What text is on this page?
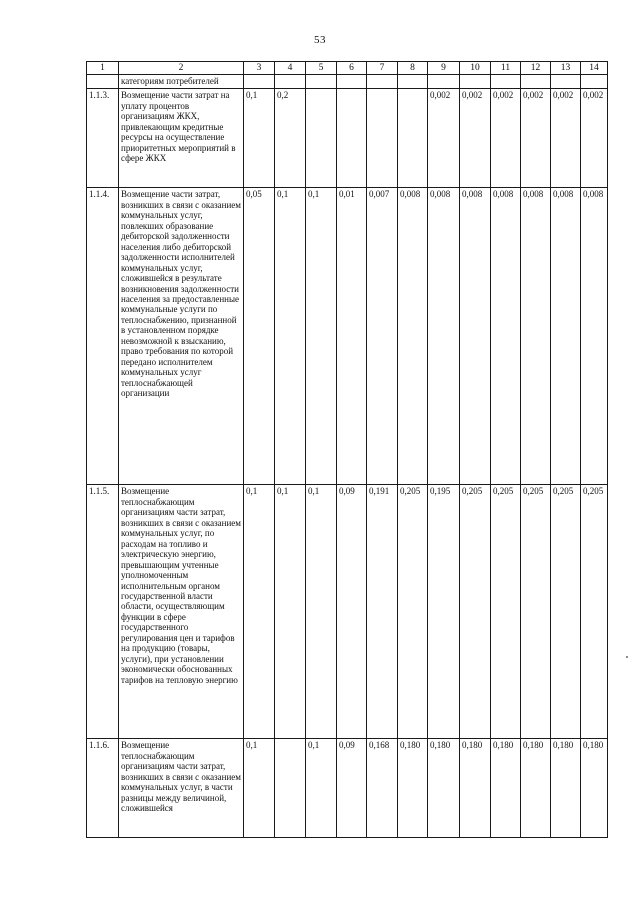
53
1	2	3	4	5	6	7	8	9	10	11	12	13	14
	категориям потребителей												
1.1.3.	Возмещение части затрат на уплату процентов организациям ЖКХ, привлекающим кредитные ресурсы на осуществление приоритетных мероприятий в сфере ЖКХ	0,1	0,2					0,002	0,002	0,002	0,002	0,002	0,002
1.1.4.	Возмещение части затрат, возникших в связи с оказанием коммунальных услуг, повлекших образование дебиторской задолженности населения либо дебиторской задолженности исполнителей коммунальных услуг, сложившейся в результате возникновения задолженности населения за предоставленные коммунальные услуги по теплоснабжению, признанной в установленном порядке невозможной к взысканию, право требования по которой передано исполнителем коммунальных услуг теплоснабжающей организации	0,05	0,1	0,1	0,01	0,007	0,008	0,008	0,008	0,008	0,008	0,008	0,008
1.1.5.	Возмещение теплоснабжающим организациям части затрат, возникших в связи с оказанием коммунальных услуг, по расходам на топливо и электрическую энергию, превышающим учтенные уполномоченным исполнительным органом государственной власти области, осуществляющим функции в сфере государственного регулирования цен и тарифов на продукцию (товары, услуги), при установлении экономически обоснованных тарифов на тепловую энергию	0,1	0,1	0,1	0,09	0,191	0,205	0,195	0,205	0,205	0,205	0,205	0,205
1.1.6.	Возмещение теплоснабжающим организациям части затрат, возникших в связи с оказанием коммунальных услуг, в части разницы между величиной, сложившейся	0,1		0,1	0,09	0,168	0,180	0,180	0,180	0,180	0,180	0,180	0,180
